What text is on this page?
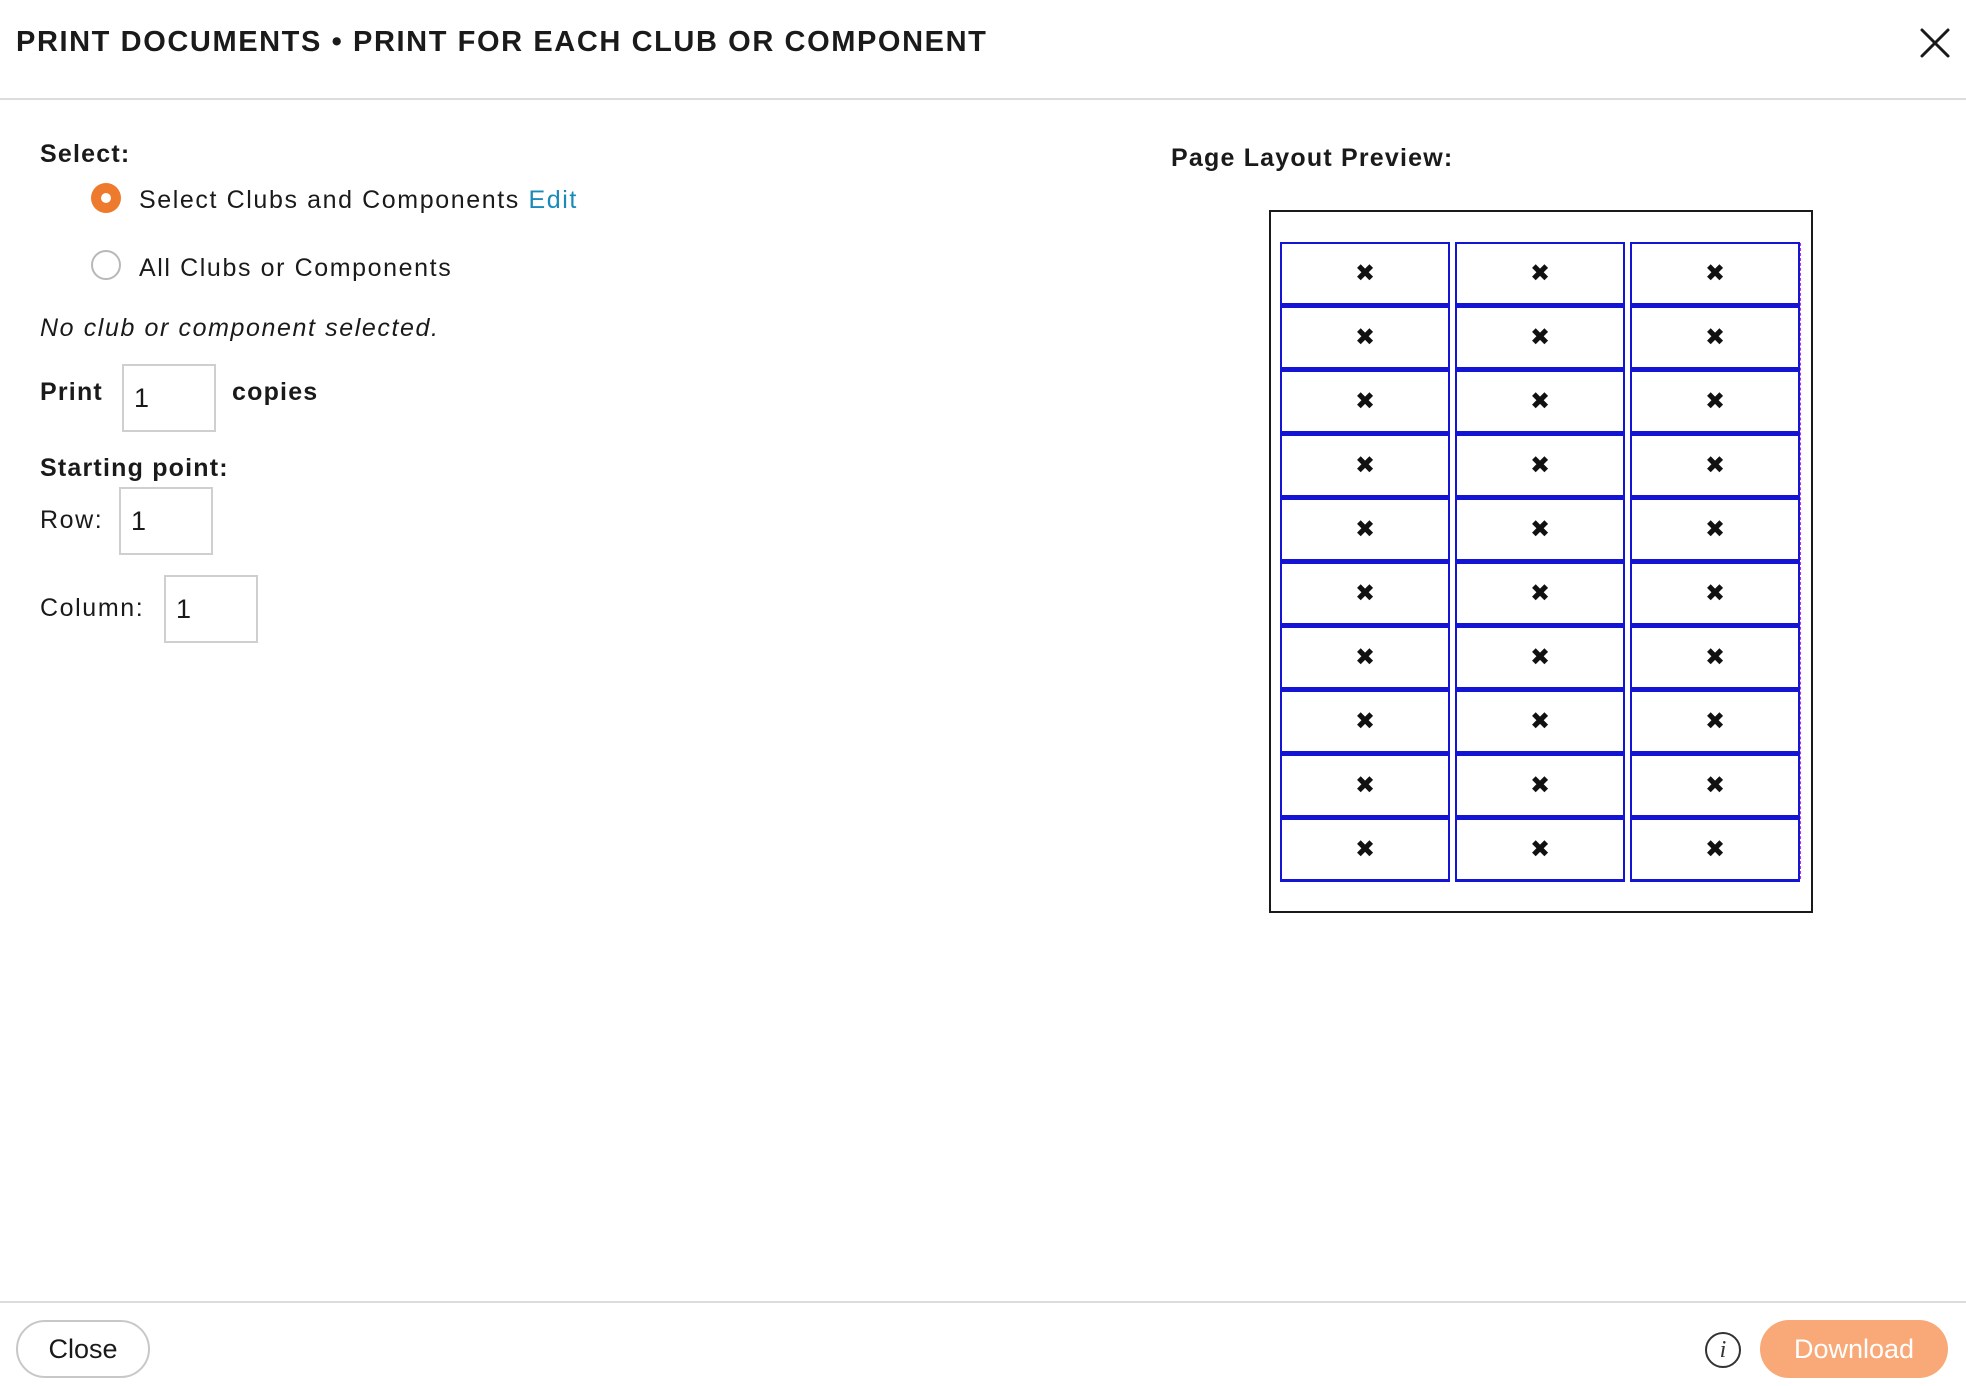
PRINT DOCUMENTS • PRINT FOR EACH CLUB OR COMPONENT
Select:
Select Clubs and Components Edit
All Clubs or Components
No club or component selected.
Print
1	copies
Starting point:
Row:
1
Column:
1
Page Layout Preview:
✖	✖	✖
✖	✖	✖
✖	✖	✖
✖	✖	✖
✖	✖	✖
✖	✖	✖
✖	✖	✖
✖	✖	✖
✖	✖	✖
✖	✖	✖
Close	i	Download
